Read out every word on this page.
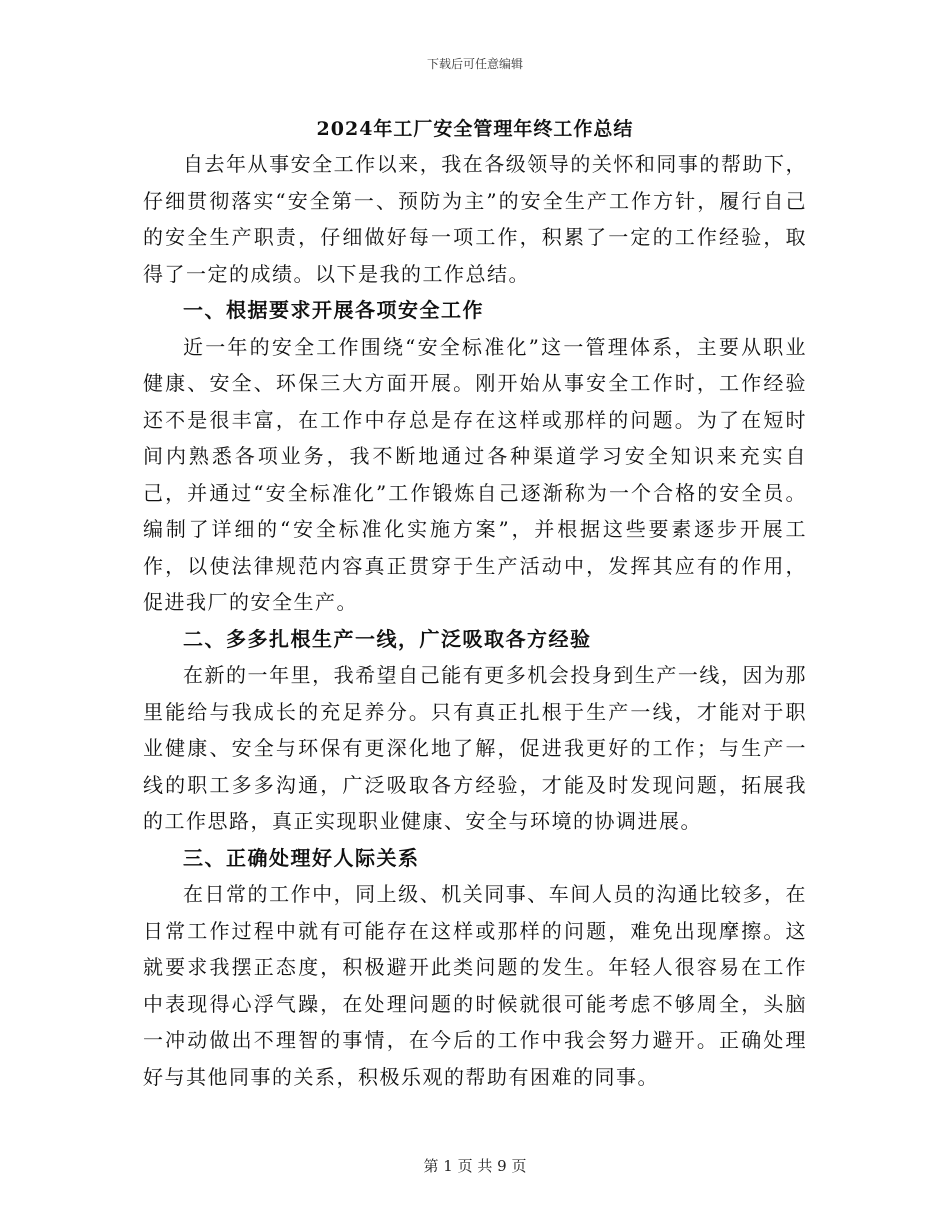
下载后可任意编辑
2024年工厂安全管理年终工作总结

自去年从事安全工作以来，我在各级领导的关怀和同事的帮助下，仔细贯彻落实“安全第一、预防为主”的安全生产工作方针，履行自己的安全生产职责，仔细做好每一项工作，积累了一定的工作经验，取得了一定的成绩。以下是我的工作总结。

一、根据要求开展各项安全工作

近一年的安全工作围绕“安全标准化”这一管理体系，主要从职业健康、安全、环保三大方面开展。刚开始从事安全工作时，工作经验还不是很丰富，在工作中存总是存在这样或那样的问题。为了在短时间内熟悉各项业务，我不断地通过各种渠道学习安全知识来充实自己，并通过“安全标准化”工作锻炼自己逐渐称为一个合格的安全员。编制了详细的“安全标准化实施方案”，并根据这些要素逐步开展工作，以使法律规范内容真正贯穿于生产活动中，发挥其应有的作用，促进我厂的安全生产。

二、多多扎根生产一线，广泛吸取各方经验

在新的一年里，我希望自己能有更多机会投身到生产一线，因为那里能给与我成长的充足养分。只有真正扎根于生产一线，才能对于职业健康、安全与环保有更深化地了解，促进我更好的工作；与生产一线的职工多多沟通，广泛吸取各方经验，才能及时发现问题，拓展我的工作思路，真正实现职业健康、安全与环境的协调进展。

三、正确处理好人际关系

在日常的工作中，同上级、机关同事、车间人员的沟通比较多，在日常工作过程中就有可能存在这样或那样的问题，难免出现摩擦。这就要求我摆正态度，积极避开此类问题的发生。年轻人很容易在工作中表现得心浮气躁，在处理问题的时候就很可能考虑不够周全，头脑一冲动做出不理智的事情，在今后的工作中我会努力避开。正确处理好与其他同事的关系，积极乐观的帮助有困难的同事。

第 1 页 共 9 页
